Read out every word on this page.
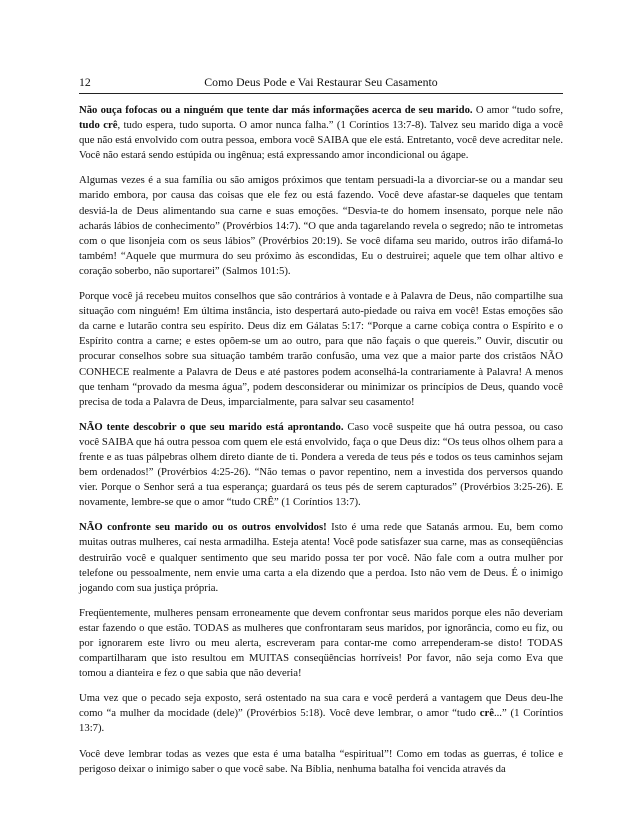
12	Como Deus Pode e Vai Restaurar Seu Casamento

Não ouça fofocas ou a ninguém que tente dar más informações acerca de seu marido. O amor “tudo sofre, tudo crê, tudo espera, tudo suporta. O amor nunca falha.” (1 Coríntios 13:7-8). Talvez seu marido diga a você que não está envolvido com outra pessoa, embora você SAIBA que ele está. Entretanto, você deve acreditar nele. Você não estará sendo estúpida ou ingênua; está expressando amor incondicional ou ágape.

Algumas vezes é a sua família ou são amigos próximos que tentam persuadi-la a divorciar-se ou a mandar seu marido embora, por causa das coisas que ele fez ou está fazendo. Você deve afastar-se daqueles que tentam desviá-la de Deus alimentando sua carne e suas emoções. “Desvia-te do homem insensato, porque nele não acharás lábios de conhecimento” (Provérbios 14:7). “O que anda tagarelando revela o segredo; não te intrometas com o que lisonjeia com os seus lábios” (Provérbios 20:19). Se você difama seu marido, outros irão difamá-lo também! “Aquele que murmura do seu próximo às escondidas, Eu o destruirei; aquele que tem olhar altivo e coração soberbo, não suportarei” (Salmos 101:5).

Porque você já recebeu muitos conselhos que são contrários à vontade e à Palavra de Deus, não compartilhe sua situação com ninguém! Em última instância, isto despertará auto-piedade ou raiva em você! Estas emoções são da carne e lutarão contra seu espírito. Deus diz em Gálatas 5:17: “Porque a carne cobiça contra o Espírito e o Espírito contra a carne; e estes opõem-se um ao outro, para que não façais o que quereis.” Ouvir, discutir ou procurar conselhos sobre sua situação também trarão confusão, uma vez que a maior parte dos cristãos NÃO CONHECE realmente a Palavra de Deus e até pastores podem aconselhá-la contrariamente à Palavra! A menos que tenham “provado da mesma água”, podem desconsiderar ou minimizar os princípios de Deus, quando você precisa de toda a Palavra de Deus, imparcialmente, para salvar seu casamento!

NÃO tente descobrir o que seu marido está aprontando. Caso você suspeite que há outra pessoa, ou caso você SAIBA que há outra pessoa com quem ele está envolvido, faça o que Deus diz: “Os teus olhos olhem para a frente e as tuas pálpebras olhem direto diante de ti. Pondera a vereda de teus pés e todos os teus caminhos sejam bem ordenados!” (Provérbios 4:25-26). “Não temas o pavor repentino, nem a investida dos perversos quando vier. Porque o Senhor será a tua esperança; guardará os teus pés de serem capturados” (Provérbios 3:25-26). E novamente, lembre-se que o amor “tudo CRÊ” (1 Coríntios 13:7).

NÃO confronte seu marido ou os outros envolvidos! Isto é uma rede que Satanás armou. Eu, bem como muitas outras mulheres, caí nesta armadilha. Esteja atenta! Você pode satisfazer sua carne, mas as conseqüências destruirão você e qualquer sentimento que seu marido possa ter por você. Não fale com a outra mulher por telefone ou pessoalmente, nem envie uma carta a ela dizendo que a perdoa. Isto não vem de Deus. É o inimigo jogando com sua justiça própria.

Freqüentemente, mulheres pensam erroneamente que devem confrontar seus maridos porque eles não deveriam estar fazendo o que estão. TODAS as mulheres que confrontaram seus maridos, por ignorância, como eu fiz, ou por ignorarem este livro ou meu alerta, escreveram para contar-me como arrependeram-se disto! TODAS compartilharam que isto resultou em MUITAS conseqüências horríveis! Por favor, não seja como Eva que tomou a dianteira e fez o que sabia que não deveria!

Uma vez que o pecado seja exposto, será ostentado na sua cara e você perderá a vantagem que Deus deu-lhe como “a mulher da mocidade (dele)” (Provérbios 5:18). Você deve lembrar, o amor “tudo crê...” (1 Coríntios 13:7).

Você deve lembrar todas as vezes que esta é uma batalha “espiritual”! Como em todas as guerras, é tolice e perigoso deixar o inimigo saber o que você sabe. Na Bíblia, nenhuma batalha foi vencida através da
